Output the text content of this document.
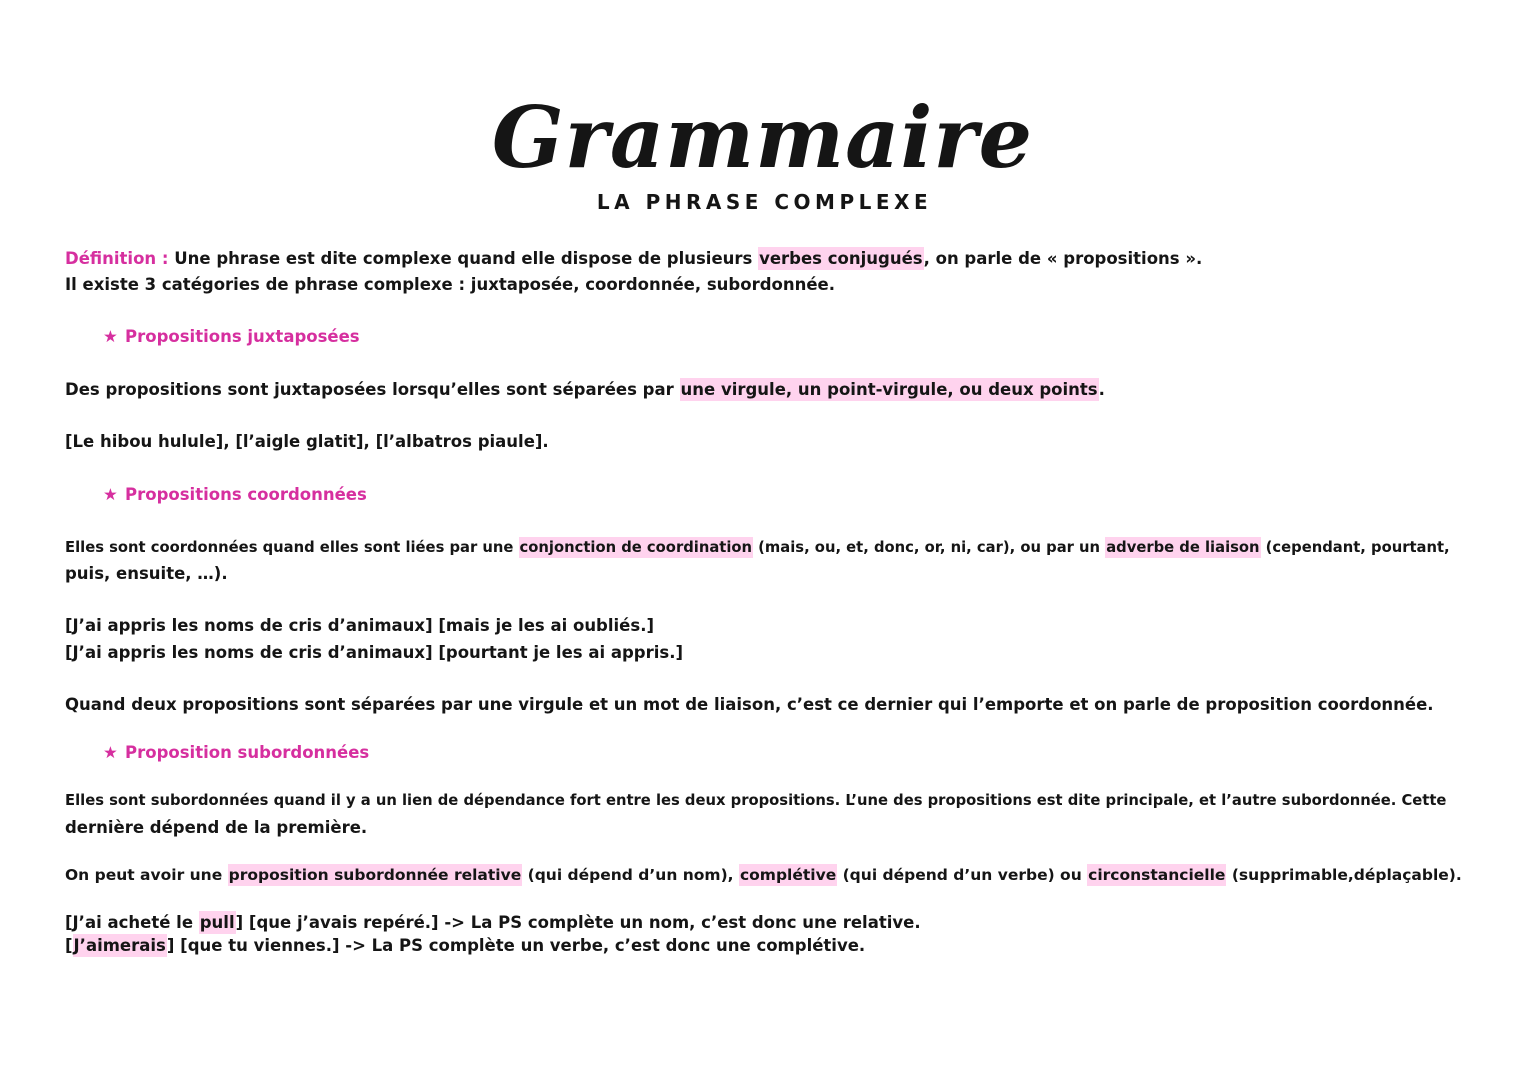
Grammaire
LA PHRASE COMPLEXE
Définition : Une phrase est dite complexe quand elle dispose de plusieurs verbes conjugués, on parle de « propositions ».
Il existe 3 catégories de phrase complexe : juxtaposée, coordonnée, subordonnée.
★ Propositions juxtaposées
Des propositions sont juxtaposées lorsqu’elles sont séparées par une virgule, un point-virgule, ou deux points.
[Le hibou hulule], [l’aigle glatit], [l’albatros piaule].
★ Propositions coordonnées
Elles sont coordonnées quand elles sont liées par une conjonction de coordination (mais, ou, et, donc, or, ni, car), ou par un adverbe de liaison (cependant, pourtant,
puis, ensuite, …).
[J’ai appris les noms de cris d’animaux] [mais je les ai oubliés.]
[J’ai appris les noms de cris d’animaux] [pourtant je les ai appris.]
Quand deux propositions sont séparées par une virgule et un mot de liaison, c’est ce dernier qui l’emporte et on parle de proposition coordonnée.
★ Proposition subordonnées
Elles sont subordonnées quand il y a un lien de dépendance fort entre les deux propositions. L’une des propositions est dite principale, et l’autre subordonnée. Cette
dernière dépend de la première.
On peut avoir une proposition subordonnée relative (qui dépend d’un nom), complétive (qui dépend d’un verbe) ou circonstancielle (supprimable,déplaçable).
[J’ai acheté le pull] [que j’avais repéré.] -> La PS complète un nom, c’est donc une relative.
[J’aimerais] [que tu viennes.] -> La PS complète un verbe, c’est donc une complétive.
